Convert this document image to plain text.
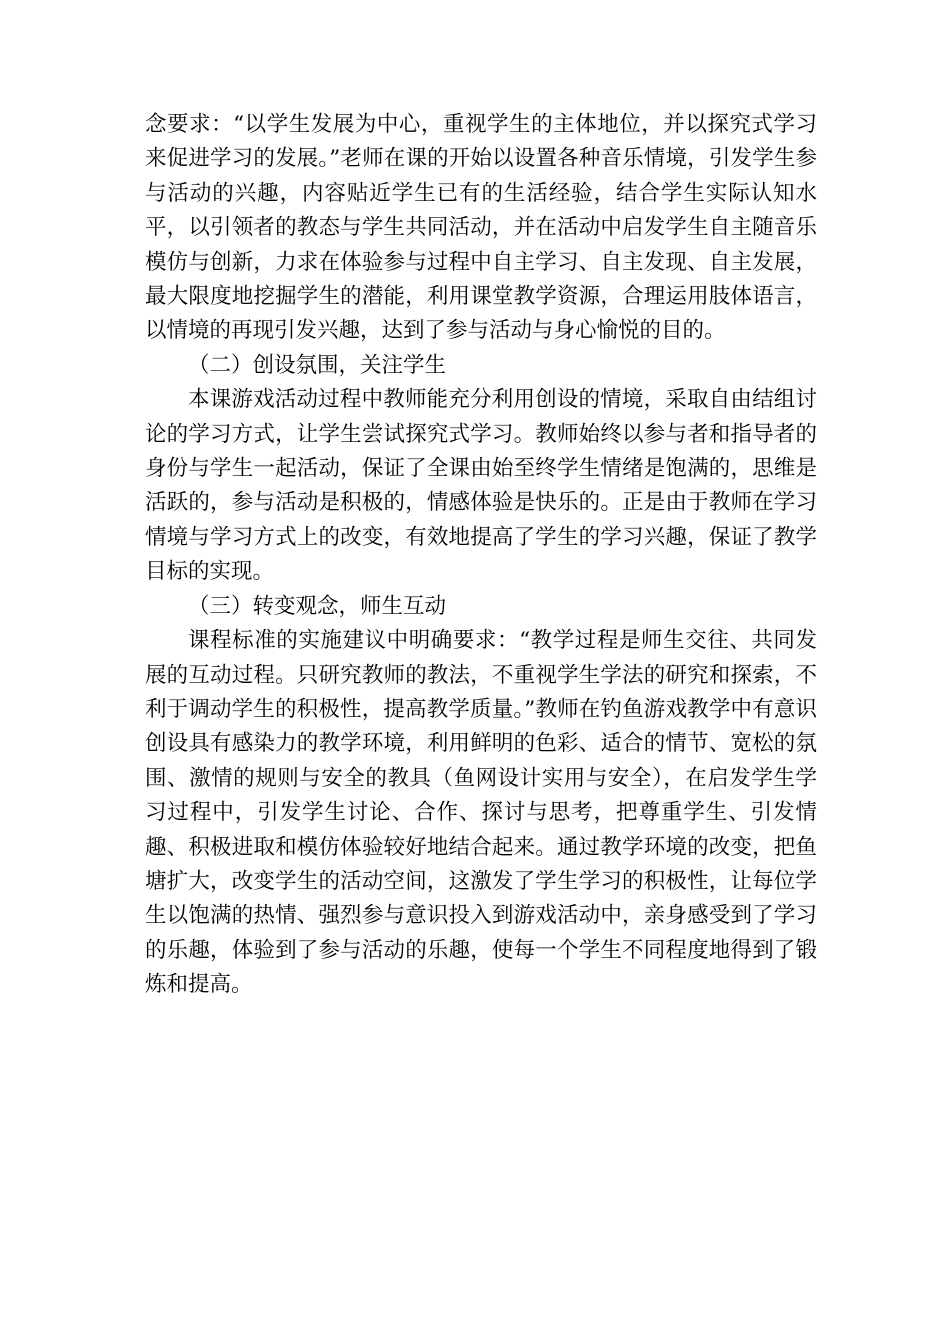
念要求：“以学生发展为中心，重视学生的主体地位，并以探究式学习来促进学习的发展。”老师在课的开始以设置各种音乐情境，引发学生参与活动的兴趣，内容贴近学生已有的生活经验，结合学生实际认知水平，以引领者的教态与学生共同活动，并在活动中启发学生自主随音乐模仿与创新，力求在体验参与过程中自主学习、自主发现、自主发展，最大限度地挖掘学生的潜能，利用课堂教学资源，合理运用肢体语言，以情境的再现引发兴趣，达到了参与活动与身心愉悦的目的。

（二）创设氛围，关注学生

本课游戏活动过程中教师能充分利用创设的情境，采取自由结组讨论的学习方式，让学生尝试探究式学习。教师始终以参与者和指导者的身份与学生一起活动，保证了全课由始至终学生情绪是饱满的，思维是活跃的，参与活动是积极的，情感体验是快乐的。正是由于教师在学习情境与学习方式上的改变，有效地提高了学生的学习兴趣，保证了教学目标的实现。

（三）转变观念，师生互动

课程标准的实施建议中明确要求：“教学过程是师生交往、共同发展的互动过程。只研究教师的教法，不重视学生学法的研究和探索，不利于调动学生的积极性，提高教学质量。”教师在钓鱼游戏教学中有意识创设具有感染力的教学环境，利用鲜明的色彩、适合的情节、宽松的氛围、激情的规则与安全的教具（鱼网设计实用与安全），在启发学生学习过程中，引发学生讨论、合作、探讨与思考，把尊重学生、引发情趣、积极进取和模仿体验较好地结合起来。通过教学环境的改变，把鱼塘扩大，改变学生的活动空间，这激发了学生学习的积极性，让每位学生以饱满的热情、强烈参与意识投入到游戏活动中，亲身感受到了学习的乐趣，体验到了参与活动的乐趣，使每一个学生不同程度地得到了锻炼和提高。
